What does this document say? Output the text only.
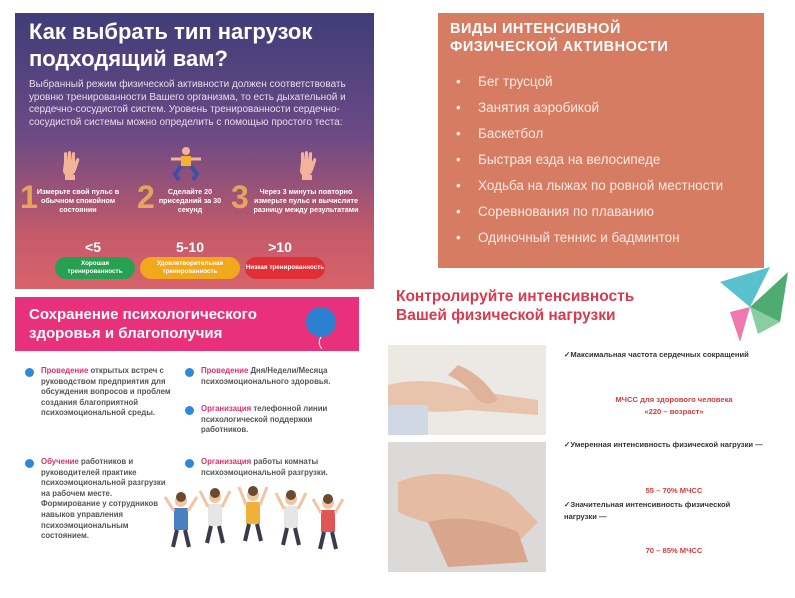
Как выбрать тип нагрузок
подходящий вам?
Выбранный режим физической активности должен соответствовать уровню тренированности Вашего организма, то есть дыхательной и сердечно-сосудистой систем. Уровень тренированности сердечно-сосудистой системы можно определить с помощью простого теста:
1 Измерьте свой пульс в обычном спокойном состоянии	2	Сделайте 20 приседаний за 30 секунд 3	Через 3 минуты повторно измерьте пульс и вычислите разницу между результатами
<5	5-10	>10
Хорошая тренированность
Удовлетворительная тренированность
Низкая тренированность
ВИДЫ ИНТЕНСИВНОЙ
ФИЗИЧЕСКОЙ АКТИВНОСТИ
• Бег трусцой
• Занятия аэробикой
• Баскетбол
• Быстрая езда на велосипеде
• Ходьба на лыжах по ровной местности
• Соревнования по плаванию
• Одиночный теннис и бадминтон
Сохранение психологического
здоровья и благополучия
Проведение открытых встреч с руководством предприятия для обсуждения вопросов и проблем создания благоприятной психоэмоциональной среды.
Проведение Дня/Недели/Месяца психоэмоционального здоровья.
Организация телефонной линии психологической поддержки работников.
Обучение работников и руководителей практике психоэмоциональной разгрузки на рабочем месте. Формирование у сотрудников навыков управления психоэмоциональным состоянием.
Организация работы комнаты психоэмоциональной разгрузки.
Контролируйте интенсивность
Вашей физической нагрузки
✓Максимальная частота сердечных сокращений
МЧСС для здорового человека
«220 – возраст»
✓Умеренная интенсивность физической нагрузки —
55 – 70% МЧСС
✓Значительная интенсивность физической нагрузки —
70 – 85% МЧСС
